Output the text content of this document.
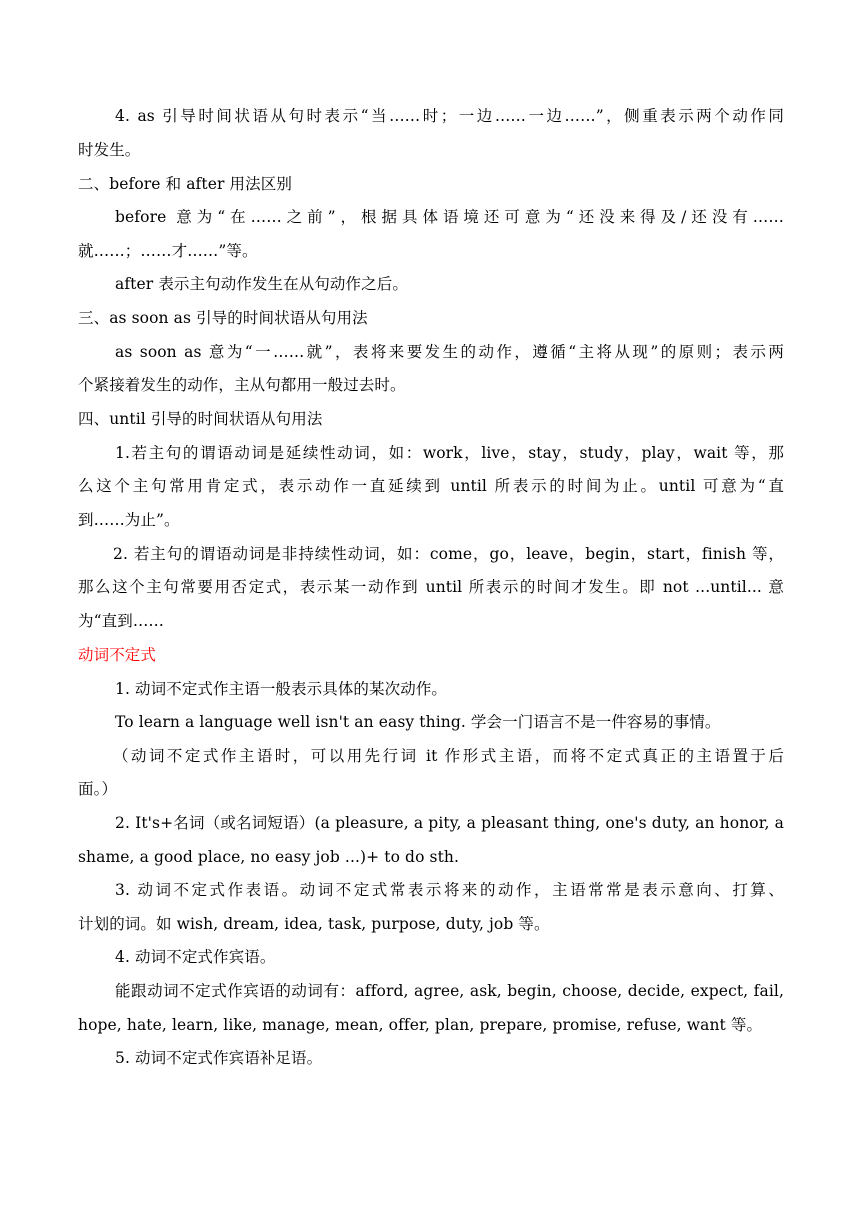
4. as 引导时间状语从句时表示“当……时；一边……一边……”，侧重表示两个动作同
时发生。
二、before 和 after 用法区别
before 意为“在……之前”，根据具体语境还可意为“还没来得及/还没有……
就……；……才……”等。
after 表示主句动作发生在从句动作之后。
三、as soon as 引导的时间状语从句用法
as soon as 意为“一……就”，表将来要发生的动作，遵循“主将从现”的原则；表示两
个紧接着发生的动作，主从句都用一般过去时。
四、until 引导的时间状语从句用法
1.若主句的谓语动词是延续性动词，如：work，live，stay，study，play，wait 等，那
么这个主句常用肯定式，表示动作一直延续到 until 所表示的时间为止。until 可意为“直
到……为止”。
2. 若主句的谓语动词是非持续性动词，如：come，go，leave，begin，start，finish 等，
那么这个主句常要用否定式，表示某一动作到 until 所表示的时间才发生。即 not ...until... 意
为“直到……
动词不定式
1. 动词不定式作主语一般表示具体的某次动作。
To learn a language well isn't an easy thing. 学会一门语言不是一件容易的事情。
（动词不定式作主语时，可以用先行词 it 作形式主语，而将不定式真正的主语置于后
面。）
2. It's+名词（或名词短语）(a pleasure, a pity, a pleasant thing, one's duty, an honor, a
shame, a good place, no easy job ...)+ to do sth.
3. 动词不定式作表语。动词不定式常表示将来的动作，主语常常是表示意向、打算、
计划的词。如 wish, dream, idea, task, purpose, duty, job 等。
4. 动词不定式作宾语。
能跟动词不定式作宾语的动词有：afford, agree, ask, begin, choose, decide, expect, fail,
hope, hate, learn, like, manage, mean, offer, plan, prepare, promise, refuse, want 等。
5. 动词不定式作宾语补足语。
